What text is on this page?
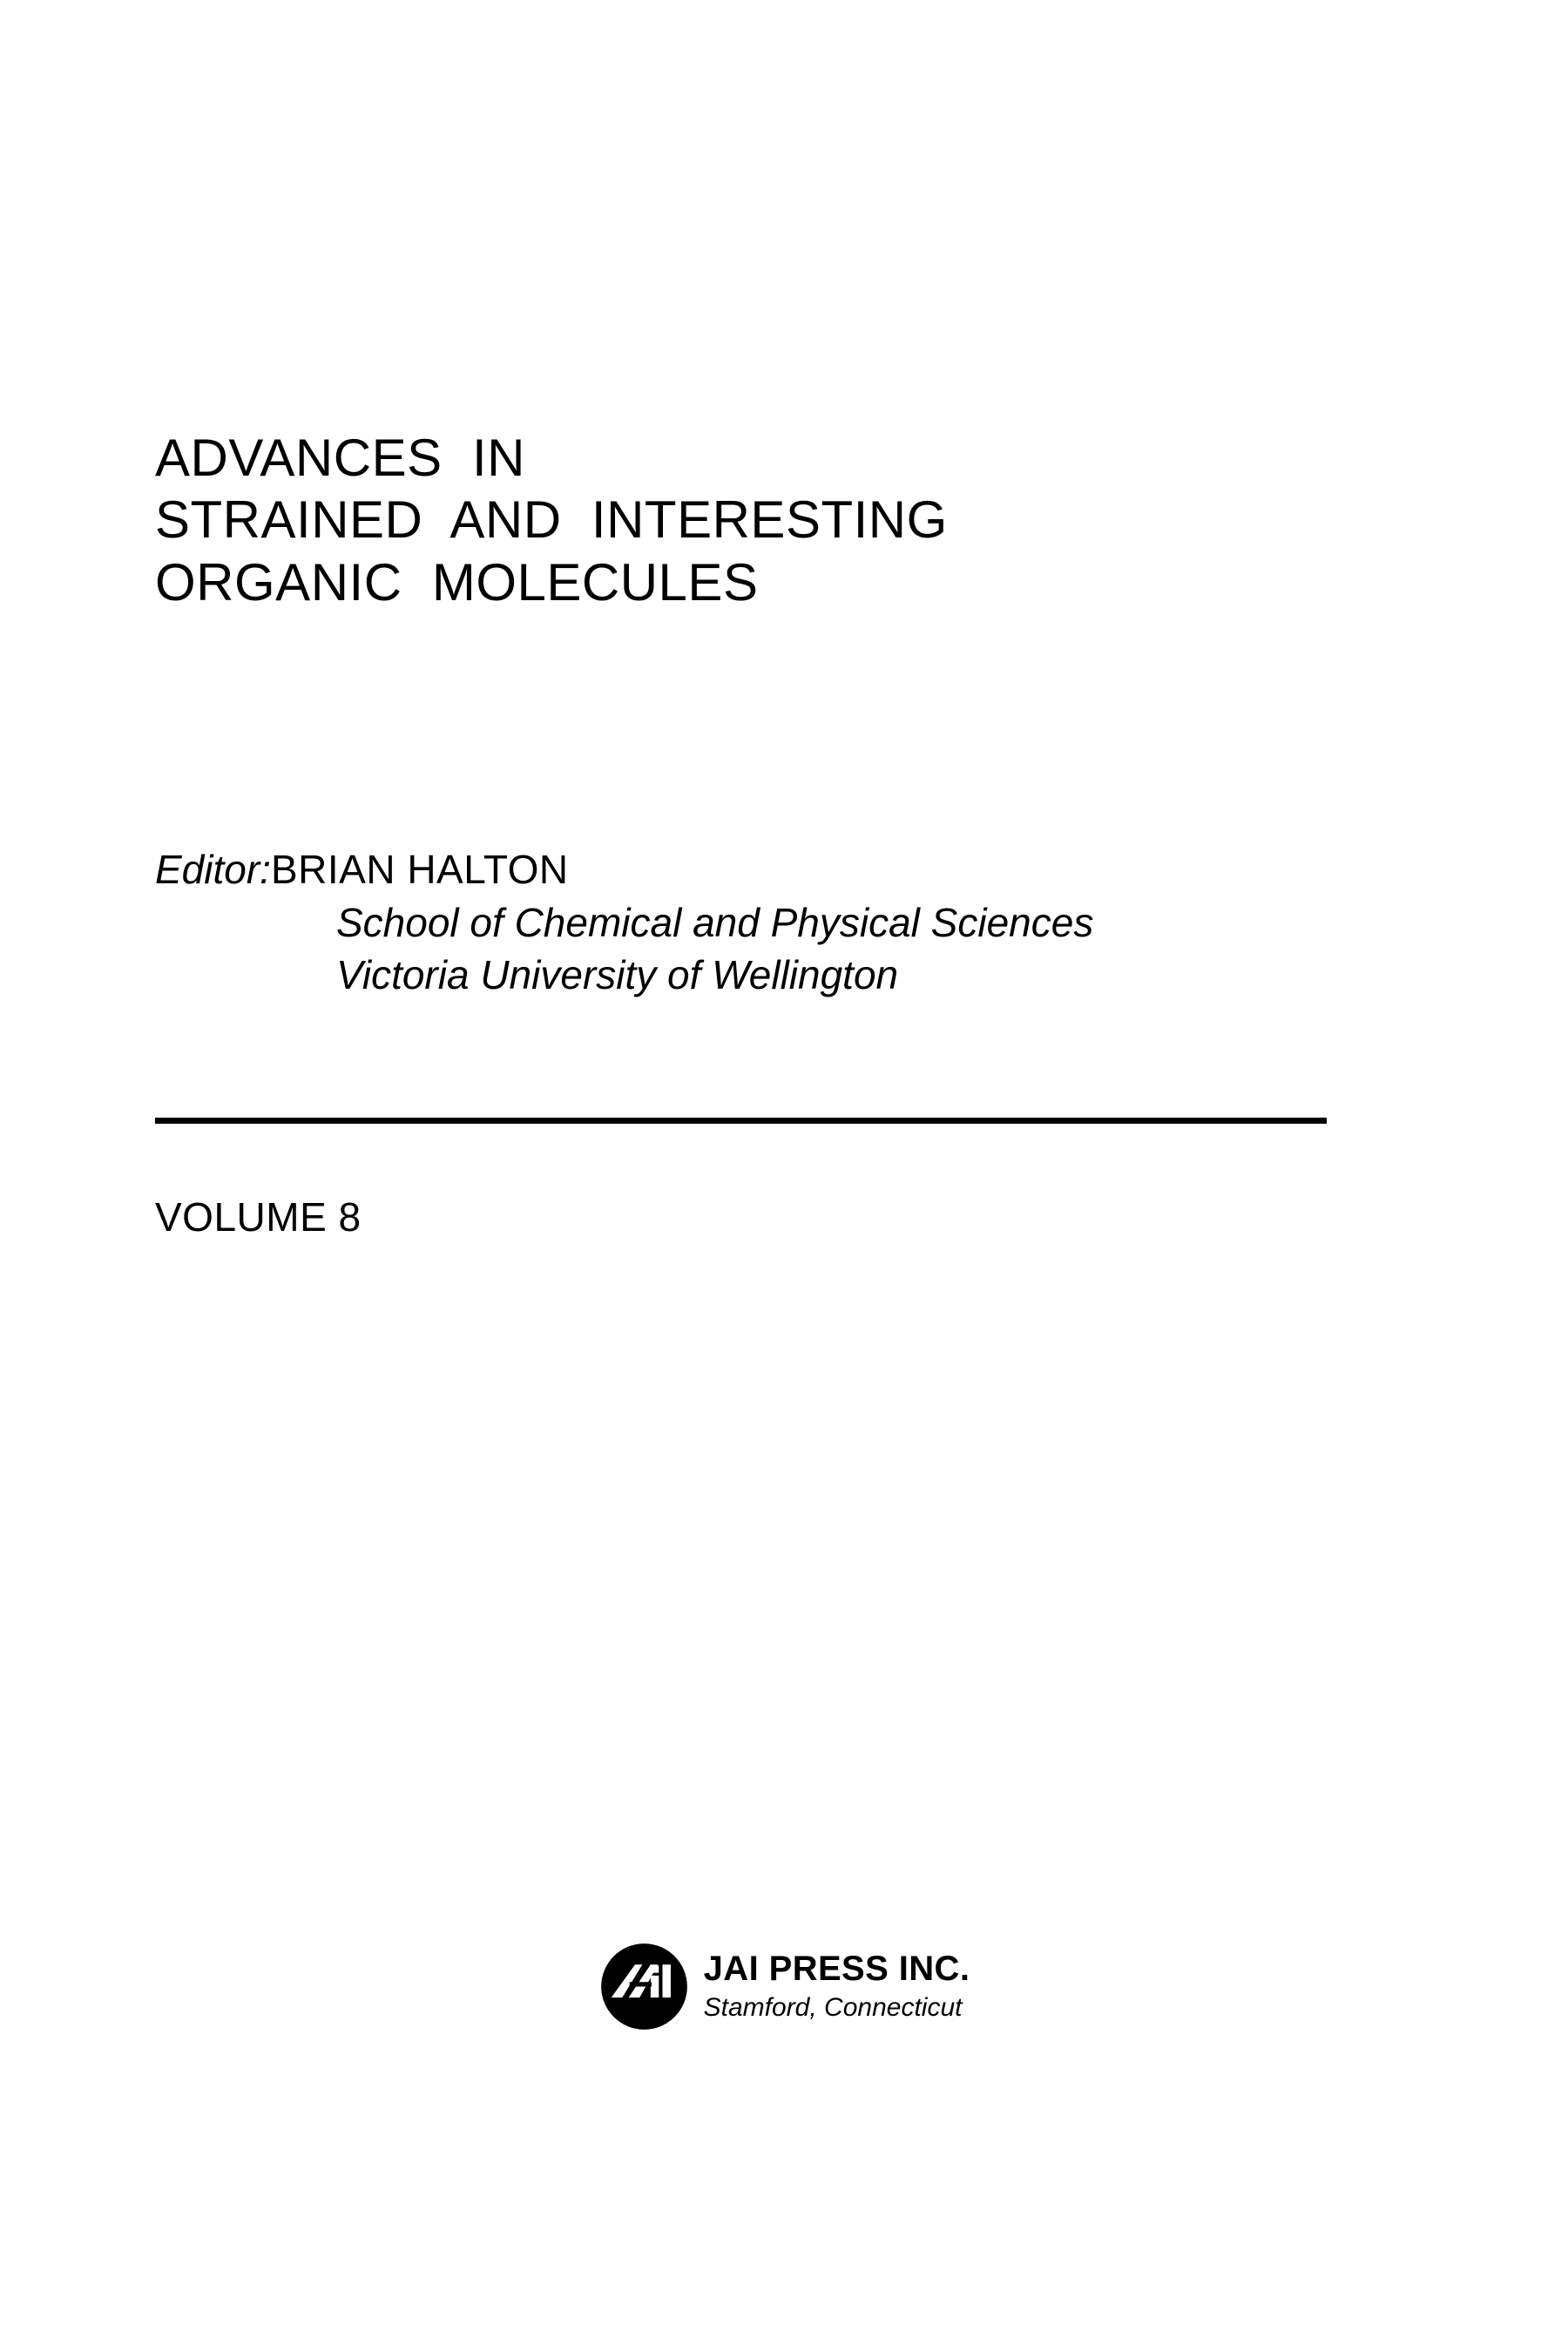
ADVANCES  IN
STRAINED  AND  INTERESTING
ORGANIC  MOLECULES
Editor:BRIAN HALTON
School of Chemical and Physical Sciences
Victoria University of Wellington
VOLUME 8
JAI PRESS INC.
Stamford, Connecticut
